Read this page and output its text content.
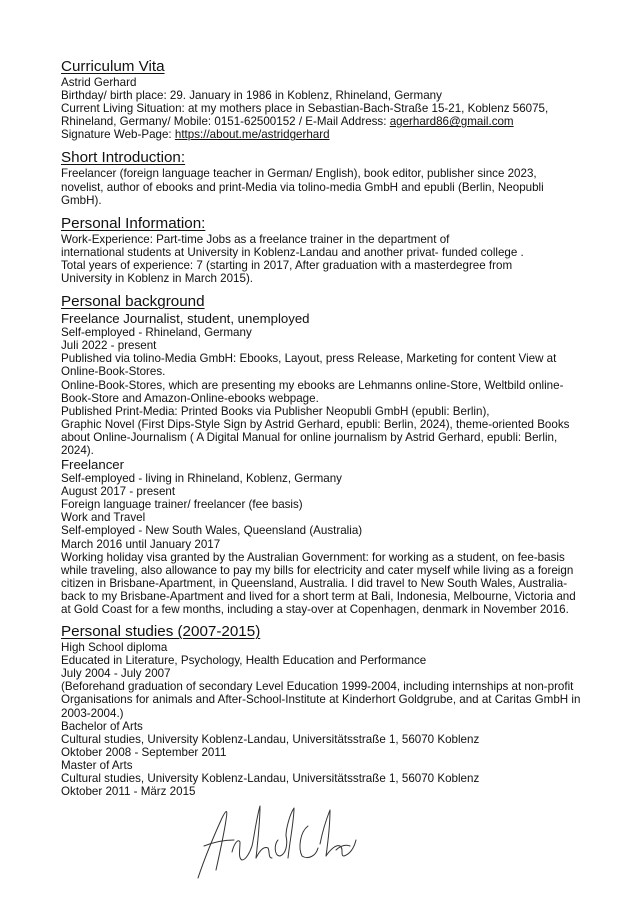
Curriculum Vita

Astrid Gerhard

Birthday/ birth place: 29. January in 1986 in Koblenz, Rhineland, Germany

Current Living Situation: at my mothers place in Sebastian-Bach-Straße 15-21, Koblenz 56075,

Rhineland, Germany/ Mobile: 0151-62500152 / E-Mail Address: agerhard86@gmail.com

Signature Web-Page: https://about.me/astridgerhard

Short Introduction:

Freelancer (foreign language teacher in German/ English), book editor, publisher since 2023, novelist, author of ebooks and print-Media via tolino-media GmbH and epubli (Berlin, Neopubli GmbH).

Personal Information:

Work-Experience: Part-time Jobs as a freelance trainer in the department of

international students at University in Koblenz-Landau and another privat- funded college .

Total years of experience: 7 (starting in 2017, After graduation with a masterdegree from

University in Koblenz in March 2015).

Personal background

Freelance Journalist, student, unemployed

Self-employed - Rhineland, Germany

Juli 2022 - present

Published via tolino-Media GmbH: Ebooks, Layout, press Release, Marketing for content View at Online-Book-Stores.

Online-Book-Stores, which are presenting my ebooks are Lehmanns online-Store, Weltbild online-Book-Store and Amazon-Online-ebooks webpage.

Published Print-Media: Printed Books via Publisher Neopubli GmbH (epubli: Berlin),

Graphic Novel (First Dips-Style Sign by Astrid Gerhard, epubli: Berlin, 2024), theme-oriented Books about Online-Journalism ( A Digital Manual for online journalism by Astrid Gerhard, epubli: Berlin, 2024).

Freelancer

Self-employed - living in Rhineland, Koblenz, Germany

August 2017 - present

Foreign language trainer/ freelancer (fee basis)

Work and Travel

Self-employed - New South Wales, Queensland (Australia)

March 2016 until January 2017

Working holiday visa granted by the Australian Government: for working as a student, on fee-basis while traveling, also allowance to pay my bills for electricity and cater myself while living as a foreign citizen in Brisbane-Apartment, in Queensland, Australia. I did travel to New South Wales, Australia- back to my Brisbane-Apartment and lived for a short term at Bali, Indonesia, Melbourne, Victoria and at Gold Coast for a few months, including a stay-over at Copenhagen, denmark in November 2016.

Personal studies (2007-2015)

High School diploma

Educated in Literature, Psychology, Health Education and Performance

July 2004 - July 2007

(Beforehand graduation of secondary Level Education 1999-2004, including internships at non-profit Organisations for animals and After-School-Institute at Kinderhort Goldgrube, and at Caritas GmbH in 2003-2004.)

Bachelor of Arts

Cultural studies, University Koblenz-Landau, Universitätsstraße 1, 56070 Koblenz

Oktober 2008 - September 2011

Master of Arts

Cultural studies, University Koblenz-Landau, Universitätsstraße 1, 56070 Koblenz

Oktober 2011 - März 2015
